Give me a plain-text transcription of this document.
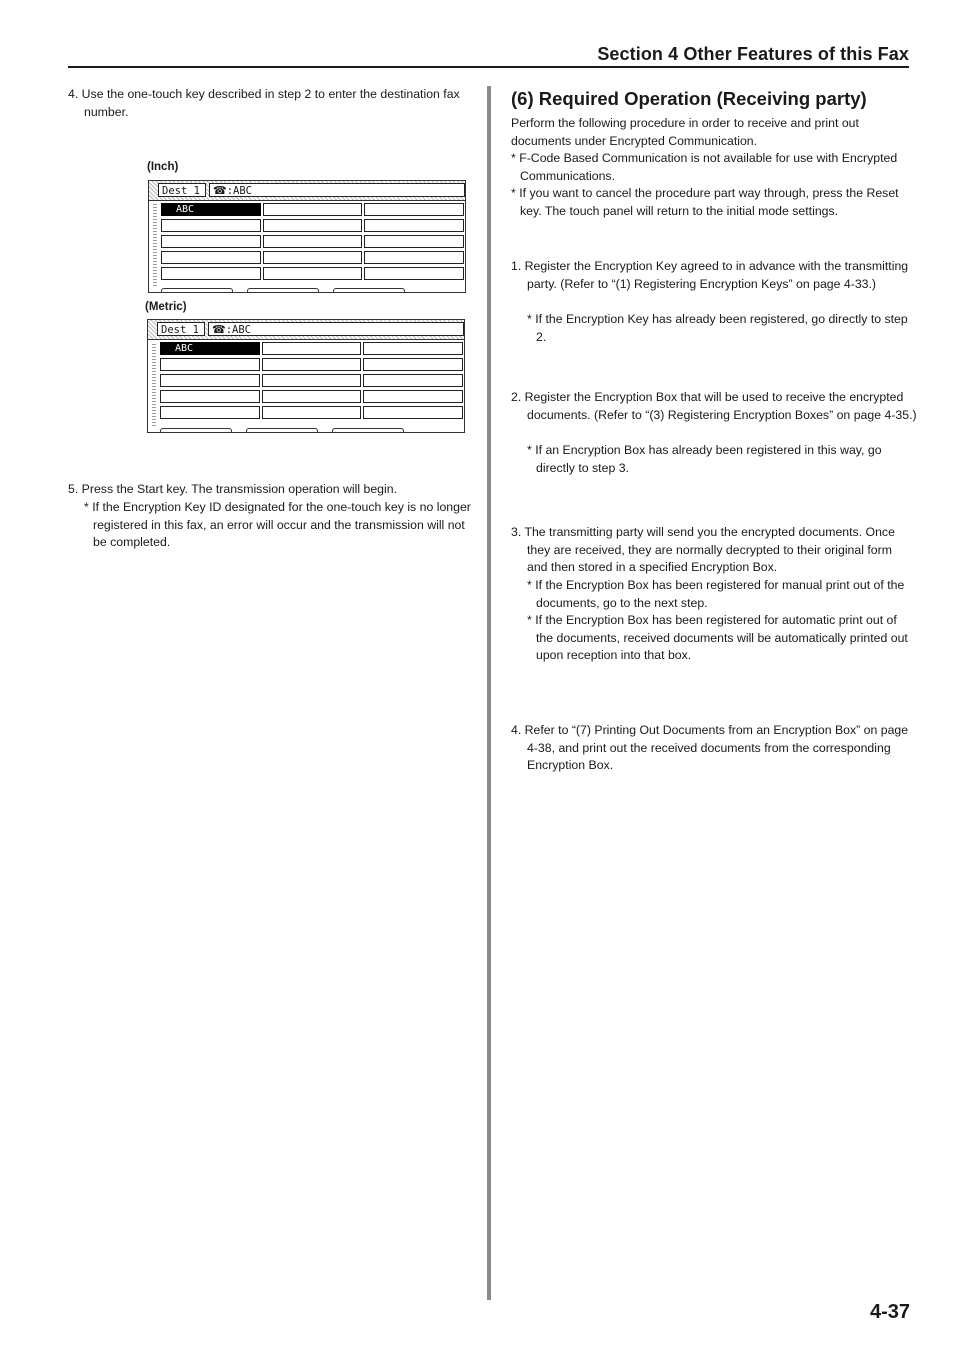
Section 4 Other Features of this Fax
4. Use the one-touch key described in step 2 to enter the destination fax number.
(Inch)
Dest 1	☎:ABC
ABC
(Metric)
Dest 1	☎:ABC
ABC
5. Press the Start key. The transmission operation will begin.
* If the Encryption Key ID designated for the one-touch key is no longer registered in this fax, an error will occur and the transmission will not be completed.
(6) Required Operation (Receiving party)
Perform the following procedure in order to receive and print out documents under Encrypted Communication.
* F-Code Based Communication is not available for use with Encrypted Communications.
* If you want to cancel the procedure part way through, press the Reset key. The touch panel will return to the initial mode settings.
1. Register the Encryption Key agreed to in advance with the transmitting party. (Refer to “(1) Registering Encryption Keys” on page 4-33.)
* If the Encryption Key has already been registered, go directly to step 2.
2. Register the Encryption Box that will be used to receive the encrypted documents. (Refer to “(3) Registering Encryption Boxes” on page 4-35.)
* If an Encryption Box has already been registered in this way, go directly to step 3.
3. The transmitting party will send you the encrypted documents. Once they are received, they are normally decrypted to their original form and then stored in a specified Encryption Box.
* If the Encryption Box has been registered for manual print out of the documents, go to the next step.
* If the Encryption Box has been registered for automatic print out of the documents, received documents will be automatically printed out upon reception into that box.
4. Refer to “(7) Printing Out Documents from an Encryption Box” on page 4-38, and print out the received documents from the corresponding Encryption Box.
4-37
